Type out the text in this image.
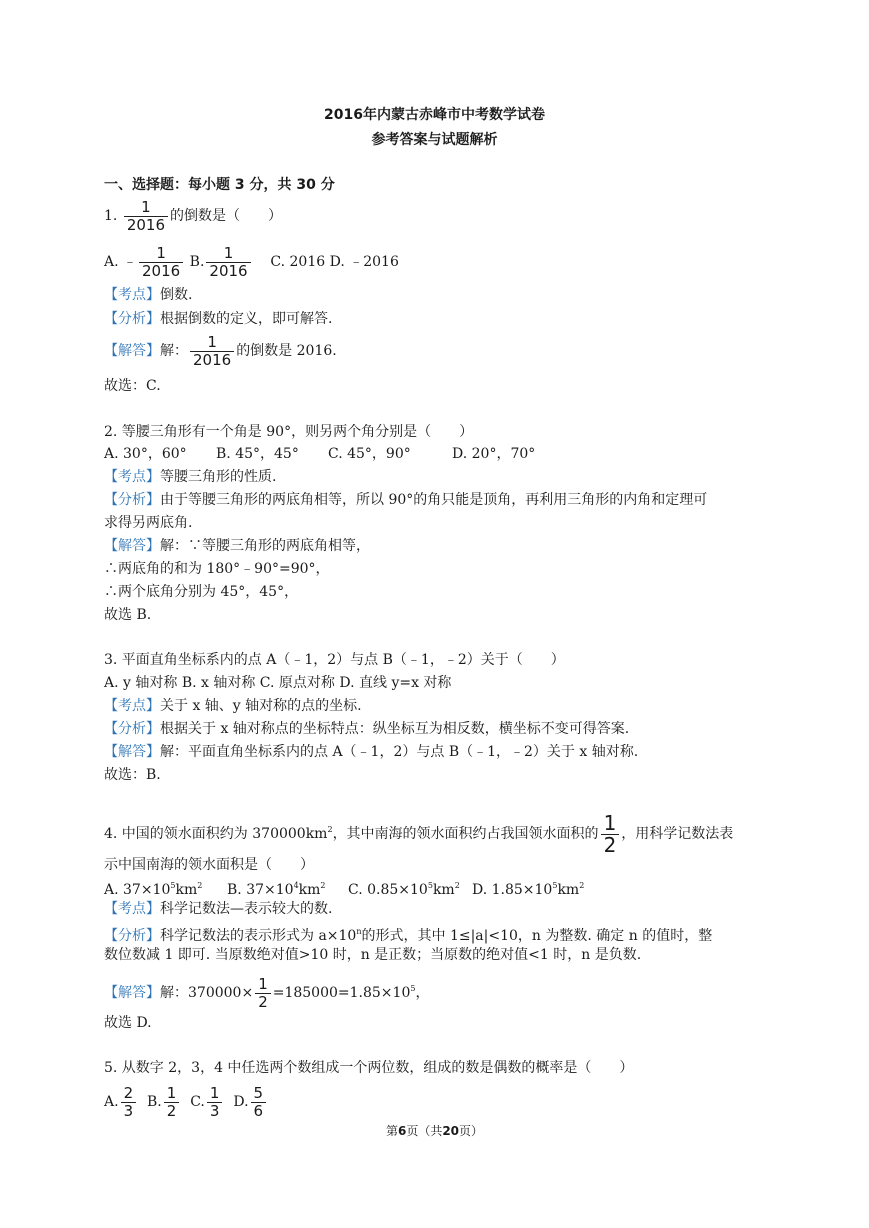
2016年内蒙古赤峰市中考数学试卷
参考答案与试题解析
一、选择题：每小题 3 分，共 30 分
1. $\frac{1}{2016}$ 的倒数是（　　）
A. ﹣ $\frac{1}{2016} B$. $\frac{1}{2016} C$. 2016 D. ﹣2016
【考点】倒数.
【分析】根据倒数的定义，即可解答.
【解答】解： $\frac{1}{2016}$ 的倒数是 2016.
故选：C.
2. 等腰三角形有一个角是 90°，则另两个角分别是（　　）
A. 30°，60° B. 45°，45° C. 45°，90°	D. 20°，70°
【考点】等腰三角形的性质.
【分析】由于等腰三角形的两底角相等，所以 90°的角只能是顶角，再利用三角形的内角和定理可
求得另两底角.
【解答】解：∵等腰三角形的两底角相等，
∴两底角的和为 180°﹣90°=90°，
∴两个底角分别为 45°，45°，
故选 B.
3. 平面直角坐标系内的点 A（﹣1，2）与点 B（﹣1，﹣2）关于（　　）
A. y 轴对称 B. x 轴对称 C. 原点对称 D. 直线 y=x 对称
【考点】关于 x 轴、y 轴对称的点的坐标.
【分析】根据关于 x 轴对称点的坐标特点：纵坐标互为相反数，横坐标不变可得答案.
【解答】解：平面直角坐标系内的点 A（﹣1，2）与点 B（﹣1，﹣2）关于 x 轴对称.
故选：B.
4. 中国的领水面积约为 $370000km^2$，其中南海的领水面积约占我国领水面积的 $\frac{1}{2}$ ，用科学记数法表
示中国南海的领水面积是（　　）
A. $37\times 10^5km^2$ B. $37\times 10^4km^2$ C. $0.85\times 10^5km^2$ D. $1.85\times 10^5km^2$
【考点】科学记数法—表示较大的数.
【分析】科学记数法的表示形式为 $a\times 10^n$的形式，其中 1≤|a|<10，n 为整数. 确定 n 的值时，整
数位数减 1 即可. 当原数绝对值>10 时，n 是正数；当原数的绝对值<1 时，n 是负数.
【解答】解：$370000\times \frac{1}{2} =185000=1.85\times 10^5$，
故选 D.
5. 从数字 2，3，4 中任选两个数组成一个两位数，组成的数是偶数的概率是（　　）
A. $\frac{2}{3} B$. $\frac{1}{2} C$. $\frac{1}{3} D$. $\frac{5}{6}$
第6页（共20页）
